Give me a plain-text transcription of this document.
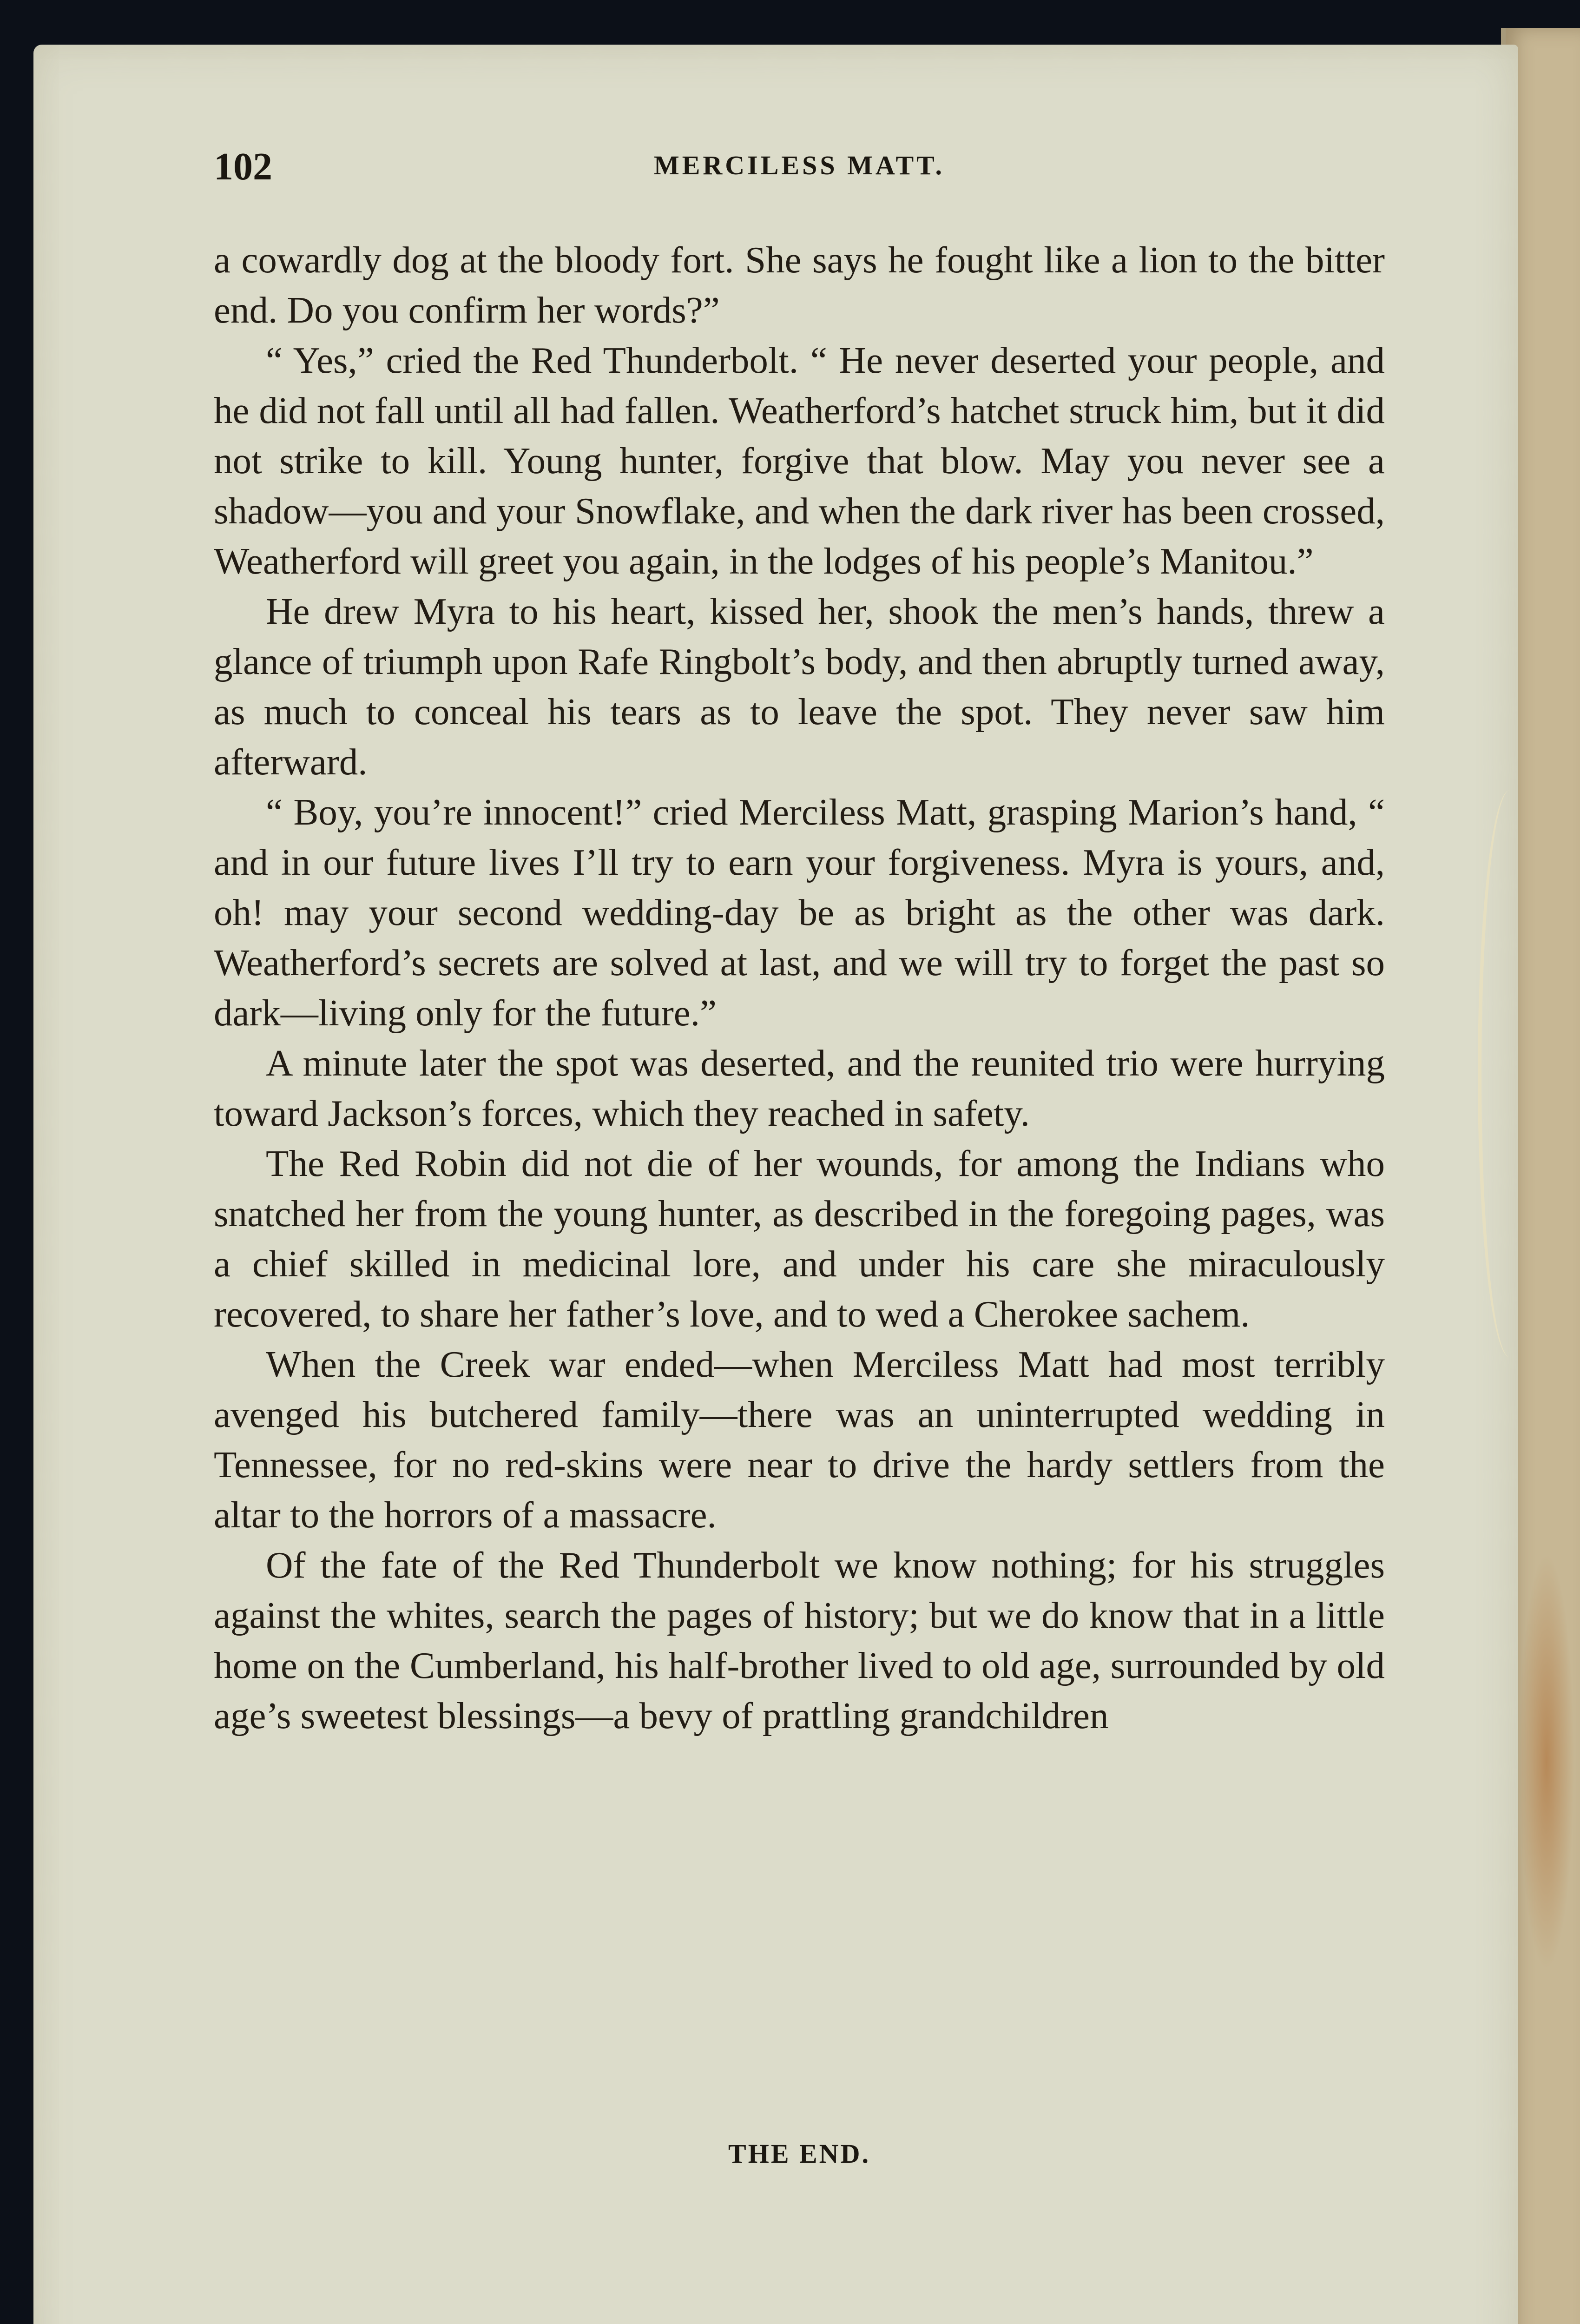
102	MERCILESS MATT.

a cowardly dog at the bloody fort. She says he fought like a lion to the bitter end. Do you confirm her words?”

“ Yes,” cried the Red Thunderbolt. “ He never deserted your people, and he did not fall until all had fallen. Weatherford’s hatchet struck him, but it did not strike to kill. Young hunter, forgive that blow. May you never see a shadow—you and your Snowflake, and when the dark river has been crossed, Weatherford will greet you again, in the lodges of his people’s Manitou.”

He drew Myra to his heart, kissed her, shook the men’s hands, threw a glance of triumph upon Rafe Ringbolt’s body, and then abruptly turned away, as much to conceal his tears as to leave the spot. They never saw him afterward.

“ Boy, you’re innocent!” cried Merciless Matt, grasping Marion’s hand, “ and in our future lives I’ll try to earn your forgiveness. Myra is yours, and, oh! may your second wedding-day be as bright as the other was dark. Weatherford’s secrets are solved at last, and we will try to forget the past so dark—living only for the future.”

A minute later the spot was deserted, and the reunited trio were hurrying toward Jackson’s forces, which they reached in safety.

The Red Robin did not die of her wounds, for among the Indians who snatched her from the young hunter, as described in the foregoing pages, was a chief skilled in medicinal lore, and under his care she miraculously recovered, to share her father’s love, and to wed a Cherokee sachem.

When the Creek war ended—when Merciless Matt had most terribly avenged his butchered family—there was an uninterrupted wedding in Tennessee, for no red-skins were near to drive the hardy settlers from the altar to the horrors of a massacre.

Of the fate of the Red Thunderbolt we know nothing; for his struggles against the whites, search the pages of history; but we do know that in a little home on the Cumberland, his half-brother lived to old age, surrounded by old age’s sweetest blessings—a bevy of prattling grandchildren

THE END.
